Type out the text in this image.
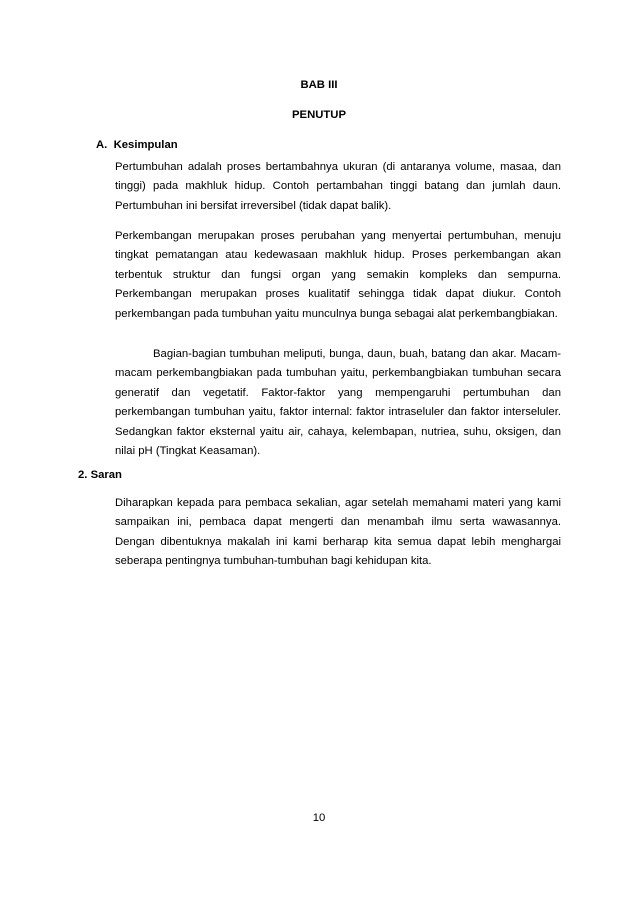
BAB III
PENUTUP
A. Kesimpulan

Pertumbuhan adalah proses bertambahnya ukuran (di antaranya volume, masaa, dan tinggi) pada makhluk hidup. Contoh pertambahan tinggi batang dan jumlah daun. Pertumbuhan ini bersifat irreversibel (tidak dapat balik).

Perkembangan merupakan proses perubahan yang menyertai pertumbuhan, menuju tingkat pematangan atau kedewasaan makhluk hidup. Proses perkembangan akan terbentuk struktur dan fungsi organ yang semakin kompleks dan sempurna. Perkembangan merupakan proses kualitatif sehingga tidak dapat diukur. Contoh perkembangan pada tumbuhan yaitu munculnya bunga sebagai alat perkembangbiakan.

Bagian-bagian tumbuhan meliputi, bunga, daun, buah, batang dan akar. Macam-macam perkembangbiakan pada tumbuhan yaitu, perkembangbiakan tumbuhan secara generatif dan vegetatif. Faktor-faktor yang mempengaruhi pertumbuhan dan perkembangan tumbuhan yaitu, faktor internal: faktor intraseluler dan faktor interseluler. Sedangkan faktor eksternal yaitu air, cahaya, kelembapan, nutriea, suhu, oksigen, dan nilai pH (Tingkat Keasaman).

2. Saran

Diharapkan kepada para pembaca sekalian, agar setelah memahami materi yang kami sampaikan ini, pembaca dapat mengerti dan menambah ilmu serta wawasannya. Dengan dibentuknya makalah ini kami berharap kita semua dapat lebih menghargai seberapa pentingnya tumbuhan-tumbuhan bagi kehidupan kita.

10
